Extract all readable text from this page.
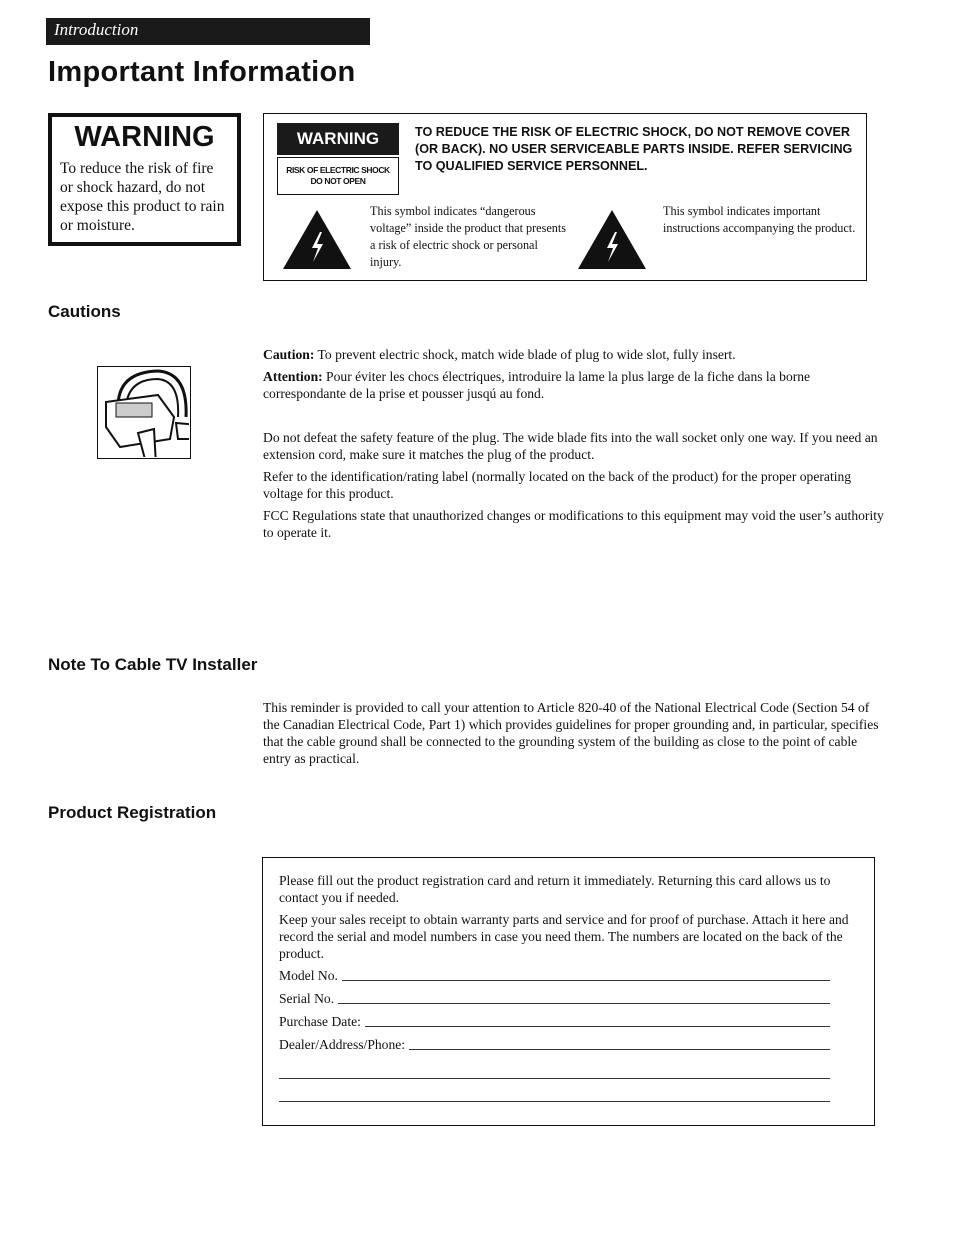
Introduction
Important Information
WARNING

To reduce the risk of fire or shock hazard, do not expose this product to rain or moisture.

WARNING
RISK OF ELECTRIC SHOCK
DO NOT OPEN
TO REDUCE THE RISK OF ELECTRIC SHOCK, DO NOT REMOVE COVER (OR BACK). NO USER SERVICEABLE PARTS INSIDE. REFER SERVICING TO QUALIFIED SERVICE PERSONNEL.
This symbol indicates “dangerous voltage” inside the product that presents a risk of electric shock or personal injury.
This symbol indicates important instructions accompanying the product.
Cautions

Caution: To prevent electric shock, match wide blade of plug to wide slot, fully insert.

Attention: Pour éviter les chocs électriques, introduire la lame la plus large de la fiche dans la borne correspondante de la prise et pousser jusqú au fond.

Do not defeat the safety feature of the plug. The wide blade fits into the wall socket only one way. If you need an extension cord, make sure it matches the plug of the product.

Refer to the identification/rating label (normally located on the back of the product) for the proper operating voltage for this product.

FCC Regulations state that unauthorized changes or modifications to this equipment may void the user’s authority to operate it.

Note To Cable TV Installer
This reminder is provided to call your attention to Article 820-40 of the National Electrical Code (Section 54 of the Canadian Electrical Code, Part 1) which provides guidelines for proper grounding and, in particular, specifies that the cable ground shall be connected to the grounding system of the building as close to the point of cable entry as practical.
Product Registration

Please fill out the product registration card and return it immediately. Returning this card allows us to contact you if needed.

Keep your sales receipt to obtain warranty parts and service and for proof of purchase. Attach it here and record the serial and model numbers in case you need them. The numbers are located on the back of the product.

Model No.
Serial No.
Purchase Date:
Dealer/Address/Phone:
